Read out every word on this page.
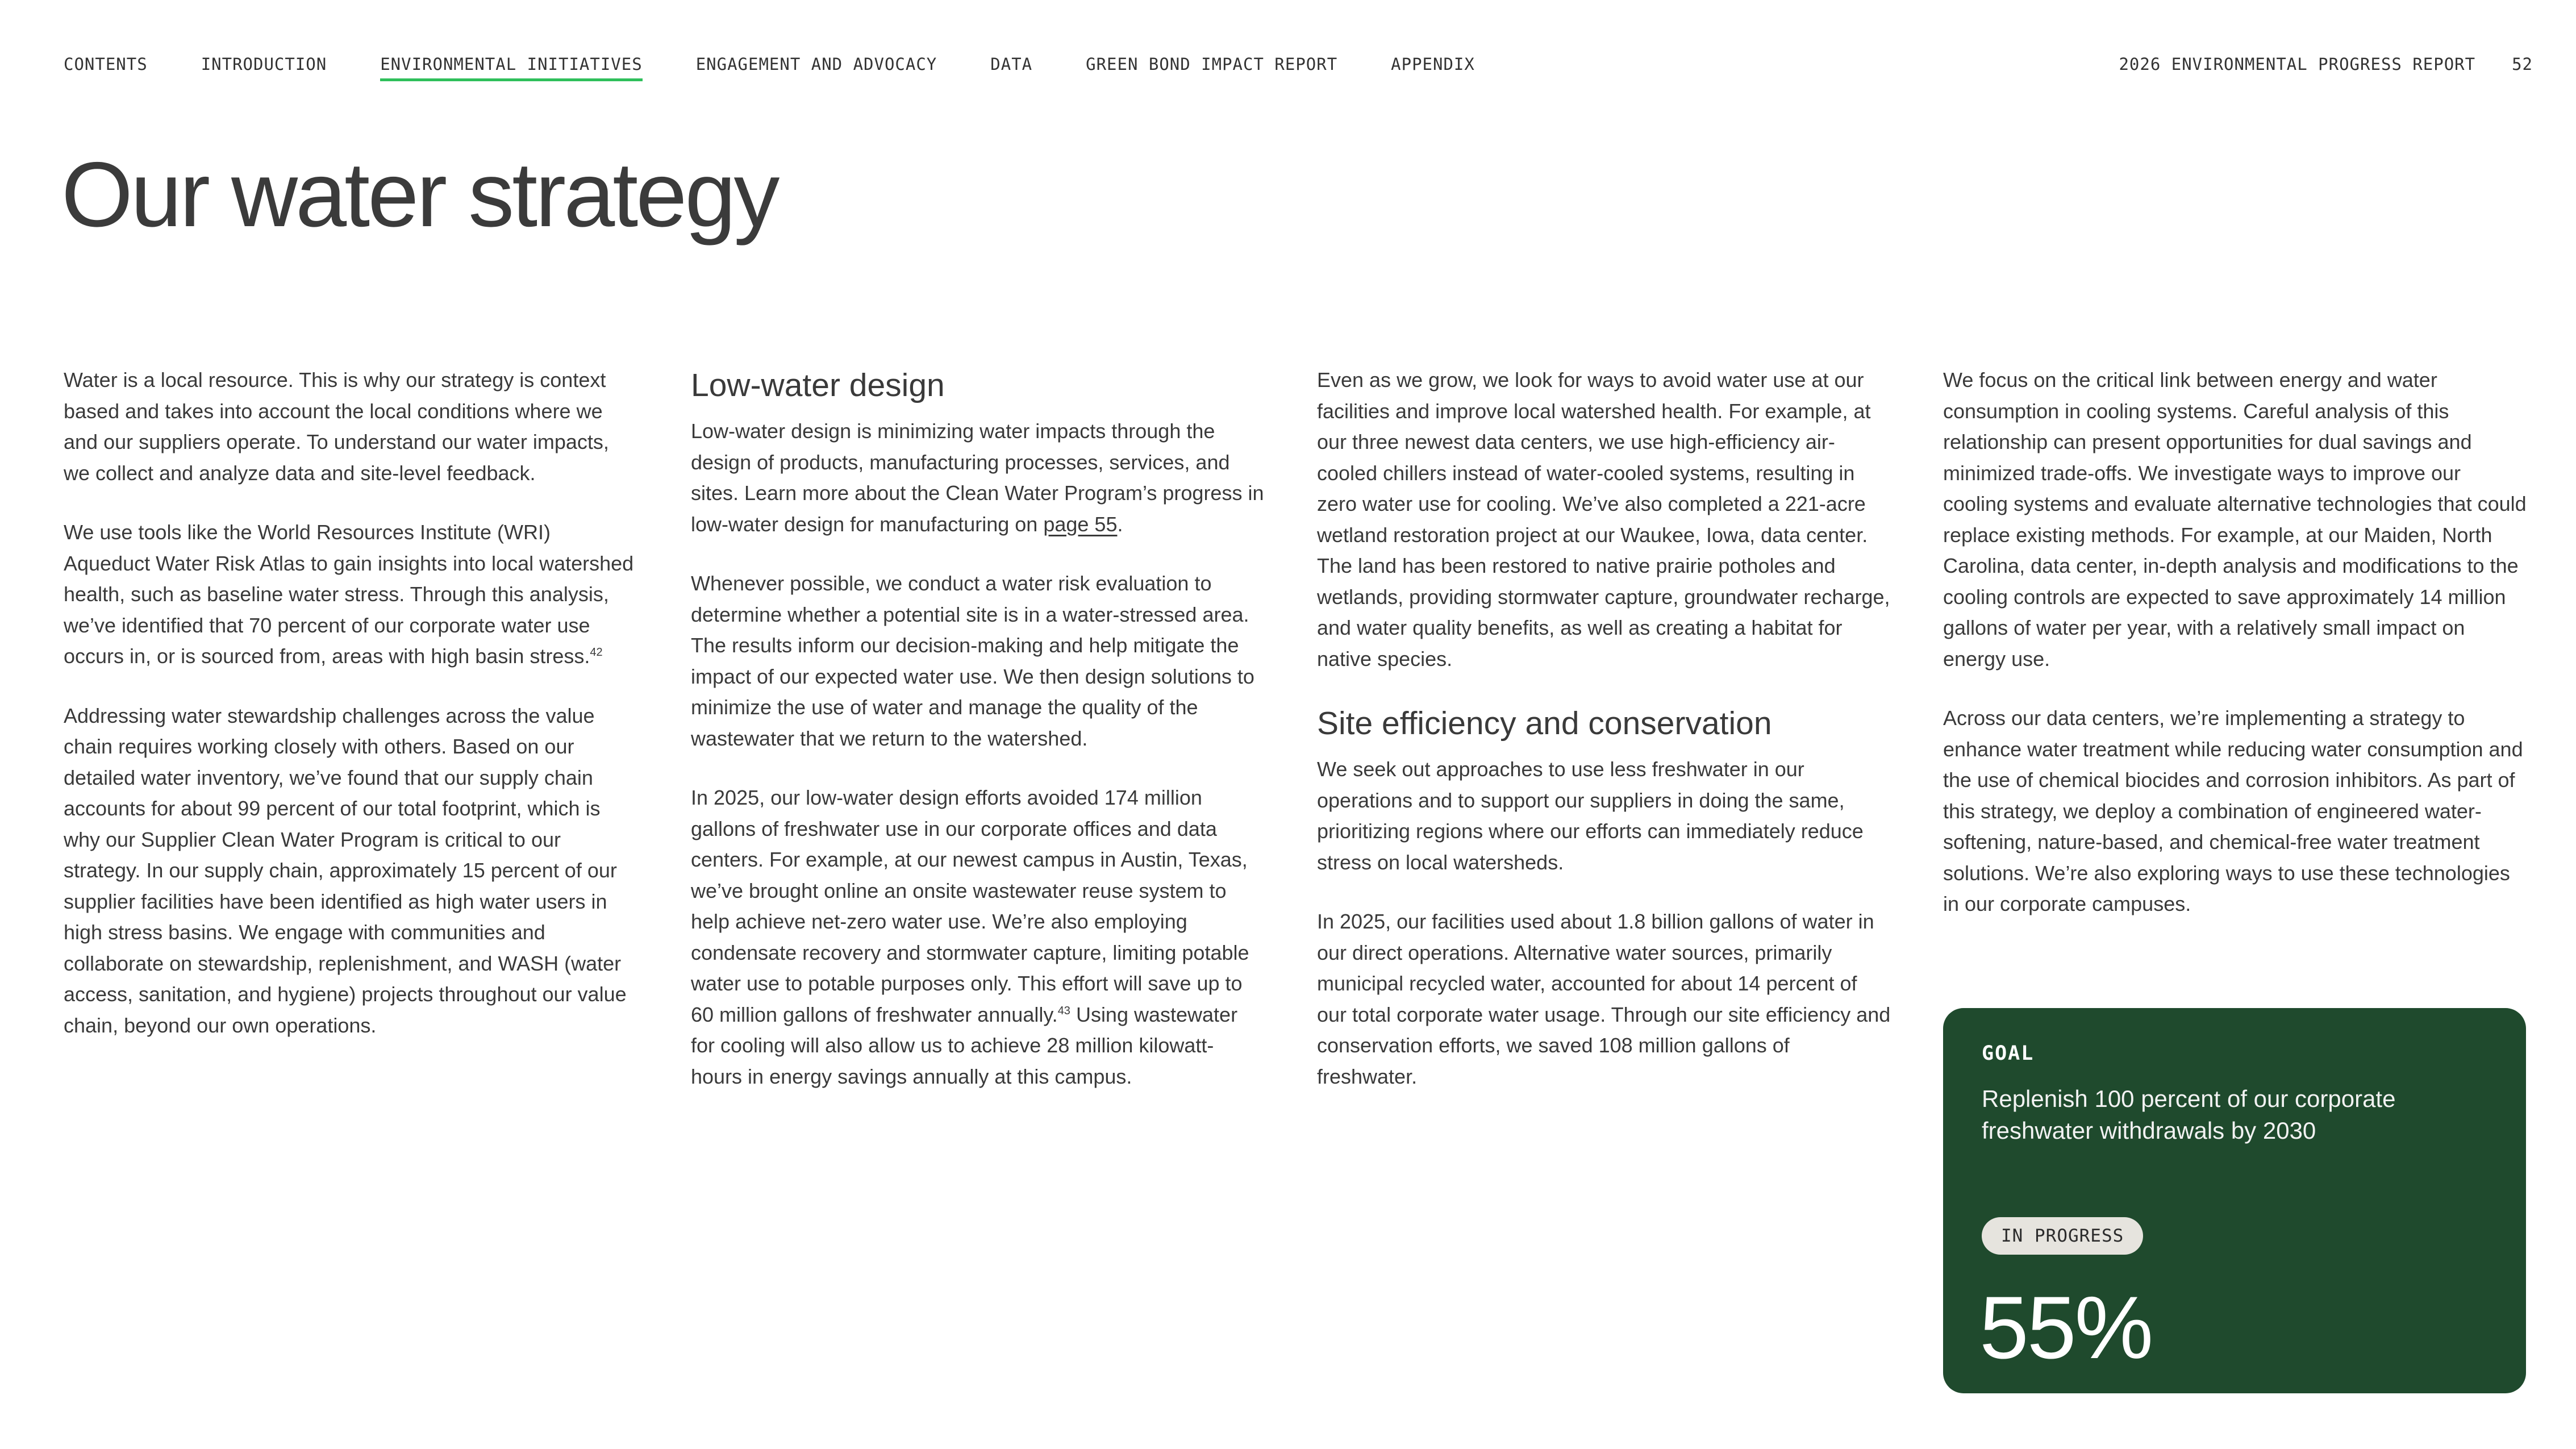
CONTENTS	INTRODUCTION	ENVIRONMENTAL INITIATIVES	ENGAGEMENT AND ADVOCACY	DATA	GREEN BOND IMPACT REPORT	APPENDIX	2026 ENVIRONMENTAL PROGRESS REPORT 52
Our water strategy

Water is a local resource. This is why our strategy is context based and takes into account the local conditions where we and our suppliers operate. To understand our water impacts, we collect and analyze data and site-level feedback.

We use tools like the World Resources Institute (WRI) Aqueduct Water Risk Atlas to gain insights into local watershed health, such as baseline water stress. Through this analysis, we’ve identified that 70 percent of our corporate water use occurs in, or is sourced from, areas with high basin stress.$^{42}$

Addressing water stewardship challenges across the value chain requires working closely with others. Based on our detailed water inventory, we’ve found that our supply chain accounts for about 99 percent of our total footprint, which is why our Supplier Clean Water Program is critical to our strategy. In our supply chain, approximately 15 percent of our supplier facilities have been identified as high water users in high stress basins. We engage with communities and collaborate on stewardship, replenishment, and WASH (water access, sanitation, and hygiene) projects throughout our value chain, beyond our own operations.

Low-water design

Low-water design is minimizing water impacts through the design of products, manufacturing processes, services, and sites. Learn more about the Clean Water Program’s progress in low-water design for manufacturing on page 55.

Whenever possible, we conduct a water risk evaluation to determine whether a potential site is in a water-stressed area. The results inform our decision-making and help mitigate the impact of our expected water use. We then design solutions to minimize the use of water and manage the quality of the wastewater that we return to the watershed.

In 2025, our low-water design efforts avoided 174 million gallons of freshwater use in our corporate offices and data centers. For example, at our newest campus in Austin, Texas, we’ve brought online an onsite wastewater reuse system to help achieve net-zero water use. We’re also employing condensate recovery and stormwater capture, limiting potable water use to potable purposes only. This effort will save up to 60 million gallons of freshwater annually.$^{43}$ Using wastewater for cooling will also allow us to achieve 28 million kilowatt-hours in energy savings annually at this campus.

Even as we grow, we look for ways to avoid water use at our facilities and improve local watershed health. For example, at our three newest data centers, we use high-efficiency air-cooled chillers instead of water-cooled systems, resulting in zero water use for cooling. We’ve also completed a 221-acre wetland restoration project at our Waukee, Iowa, data center. The land has been restored to native prairie potholes and wetlands, providing stormwater capture, groundwater recharge, and water quality benefits, as well as creating a habitat for native species.

Site efficiency and conservation

We seek out approaches to use less freshwater in our operations and to support our suppliers in doing the same, prioritizing regions where our efforts can immediately reduce stress on local watersheds.

In 2025, our facilities used about 1.8 billion gallons of water in our direct operations. Alternative water sources, primarily municipal recycled water, accounted for about 14 percent of our total corporate water usage. Through our site efficiency and conservation efforts, we saved 108 million gallons of freshwater.

We focus on the critical link between energy and water consumption in cooling systems. Careful analysis of this relationship can present opportunities for dual savings and minimized trade-offs. We investigate ways to improve our cooling systems and evaluate alternative technologies that could replace existing methods. For example, at our Maiden, North Carolina, data center, in-depth analysis and modifications to the cooling controls are expected to save approximately 14 million gallons of water per year, with a relatively small impact on energy use.

Across our data centers, we’re implementing a strategy to enhance water treatment while reducing water consumption and the use of chemical biocides and corrosion inhibitors. As part of this strategy, we deploy a combination of engineered water-softening, nature-based, and chemical-free water treatment solutions. We’re also exploring ways to use these technologies in our corporate campuses.

GOAL
Replenish 100 percent of our corporate freshwater withdrawals by 2030
IN PROGRESS
55%
